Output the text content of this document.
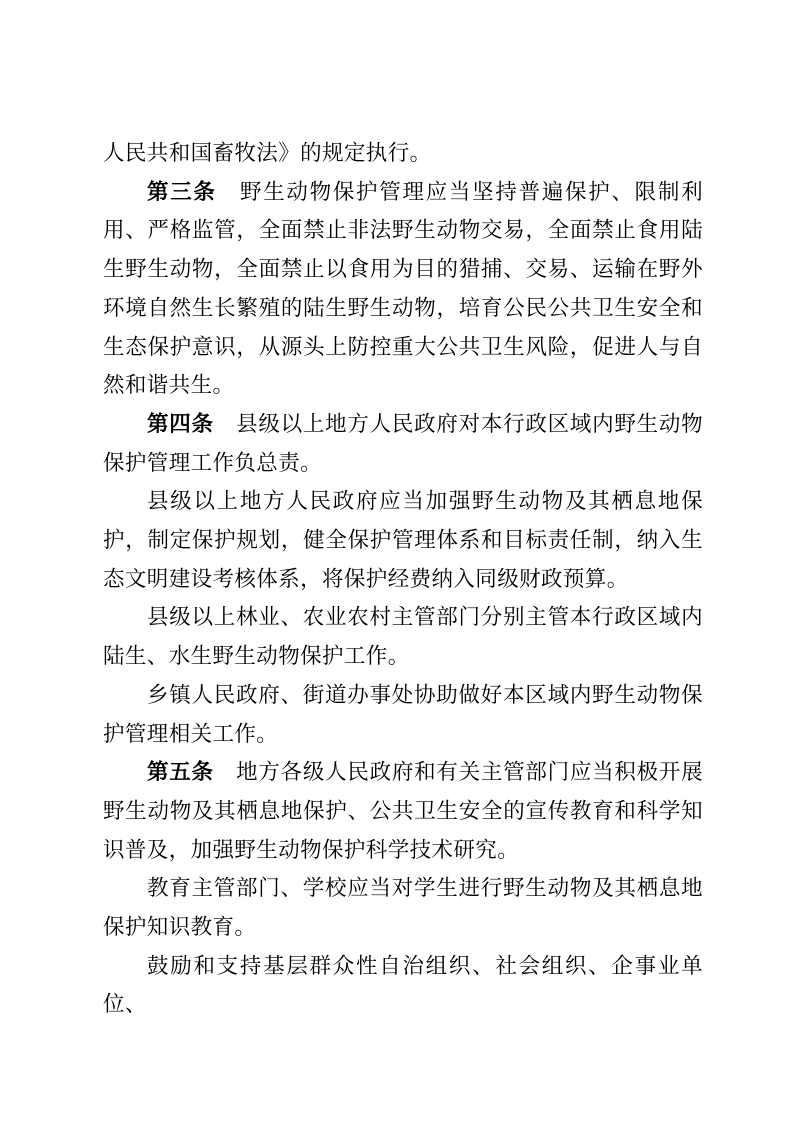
人民共和国畜牧法》的规定执行。

第三条 野生动物保护管理应当坚持普遍保护、限制利用、严格监管，全面禁止非法野生动物交易，全面禁止食用陆生野生动物，全面禁止以食用为目的猎捕、交易、运输在野外环境自然生长繁殖的陆生野生动物，培育公民公共卫生安全和生态保护意识，从源头上防控重大公共卫生风险，促进人与自然和谐共生。

第四条 县级以上地方人民政府对本行政区域内野生动物保护管理工作负总责。

县级以上地方人民政府应当加强野生动物及其栖息地保护，制定保护规划，健全保护管理体系和目标责任制，纳入生态文明建设考核体系，将保护经费纳入同级财政预算。

县级以上林业、农业农村主管部门分别主管本行政区域内陆生、水生野生动物保护工作。

乡镇人民政府、街道办事处协助做好本区域内野生动物保护管理相关工作。

第五条 地方各级人民政府和有关主管部门应当积极开展野生动物及其栖息地保护、公共卫生安全的宣传教育和科学知识普及，加强野生动物保护科学技术研究。

教育主管部门、学校应当对学生进行野生动物及其栖息地保护知识教育。

鼓励和支持基层群众性自治组织、社会组织、企事业单位、
